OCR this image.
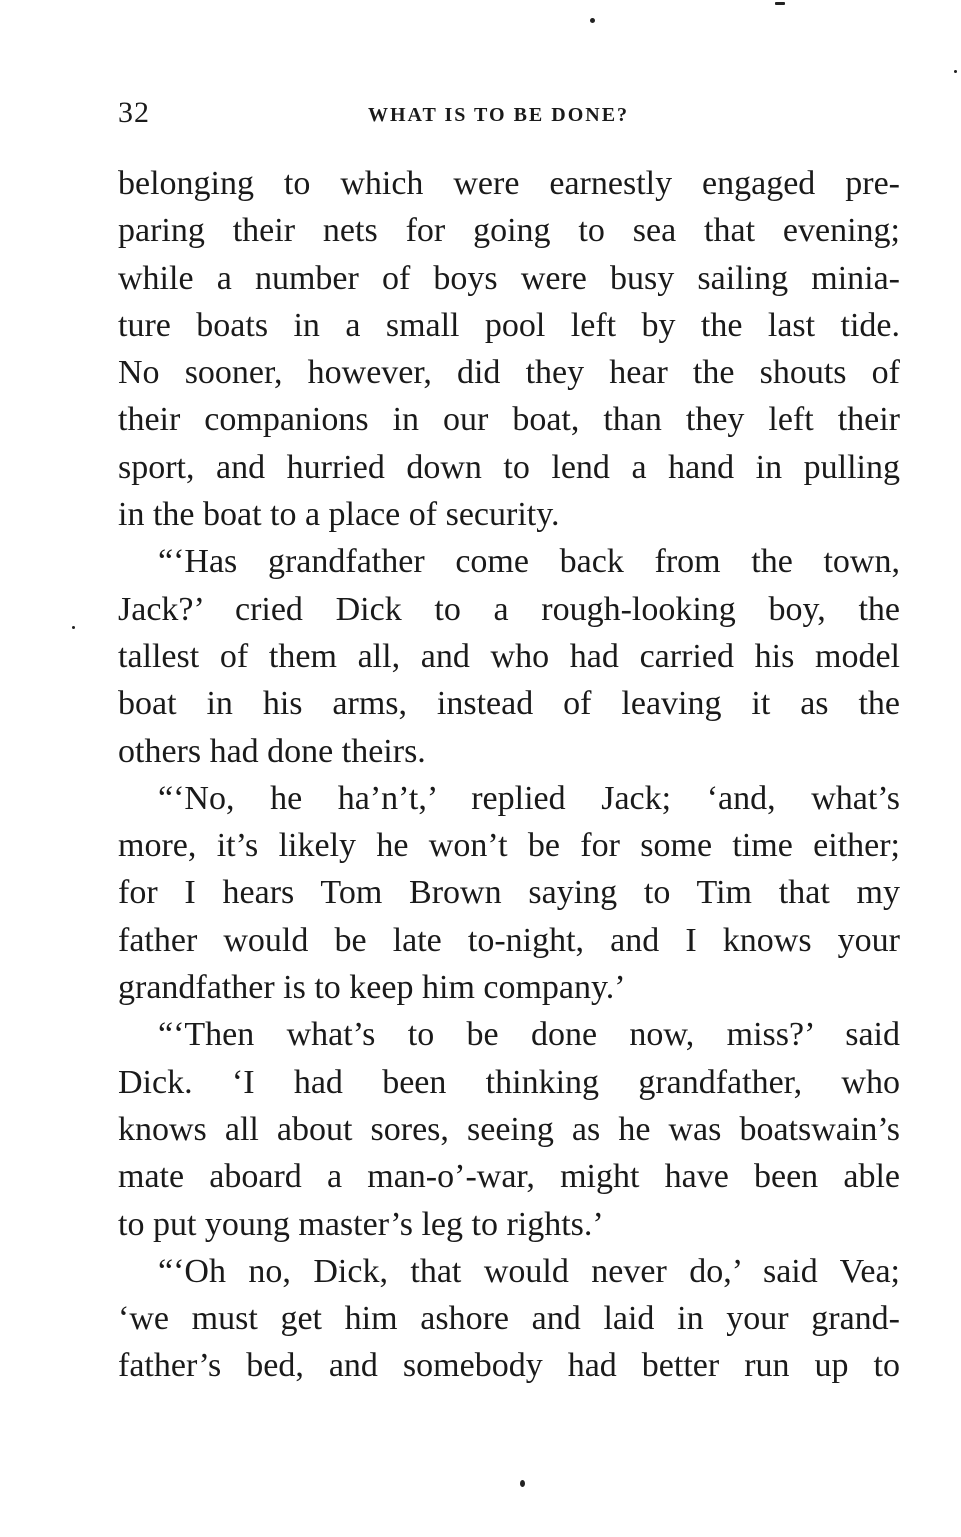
32	WHAT IS TO BE DONE?
belonging to which were earnestly engaged pre-
paring their nets for going to sea that evening;
while a number of boys were busy sailing minia-
ture boats in a small pool left by the last tide.
No sooner, however, did they hear the shouts of
their companions in our boat, than they left their
sport, and hurried down to lend a hand in pulling
in the boat to a place of security.
“‘Has grandfather come back from the town,
Jack?’ cried Dick to a rough-looking boy, the
tallest of them all, and who had carried his model
boat in his arms, instead of leaving it as the
others had done theirs.
“‘No, he ha’n’t,’ replied Jack; ‘and, what’s
more, it’s likely he won’t be for some time either;
for I hears Tom Brown saying to Tim that my
father would be late to-night, and I knows your
grandfather is to keep him company.’
“‘Then what’s to be done now, miss?’ said
Dick. ‘I had been thinking grandfather, who
knows all about sores, seeing as he was boatswain’s
mate aboard a man-o’-war, might have been able
to put young master’s leg to rights.’
“‘Oh no, Dick, that would never do,’ said Vea;
‘we must get him ashore and laid in your grand-
father’s bed, and somebody had better run up to
